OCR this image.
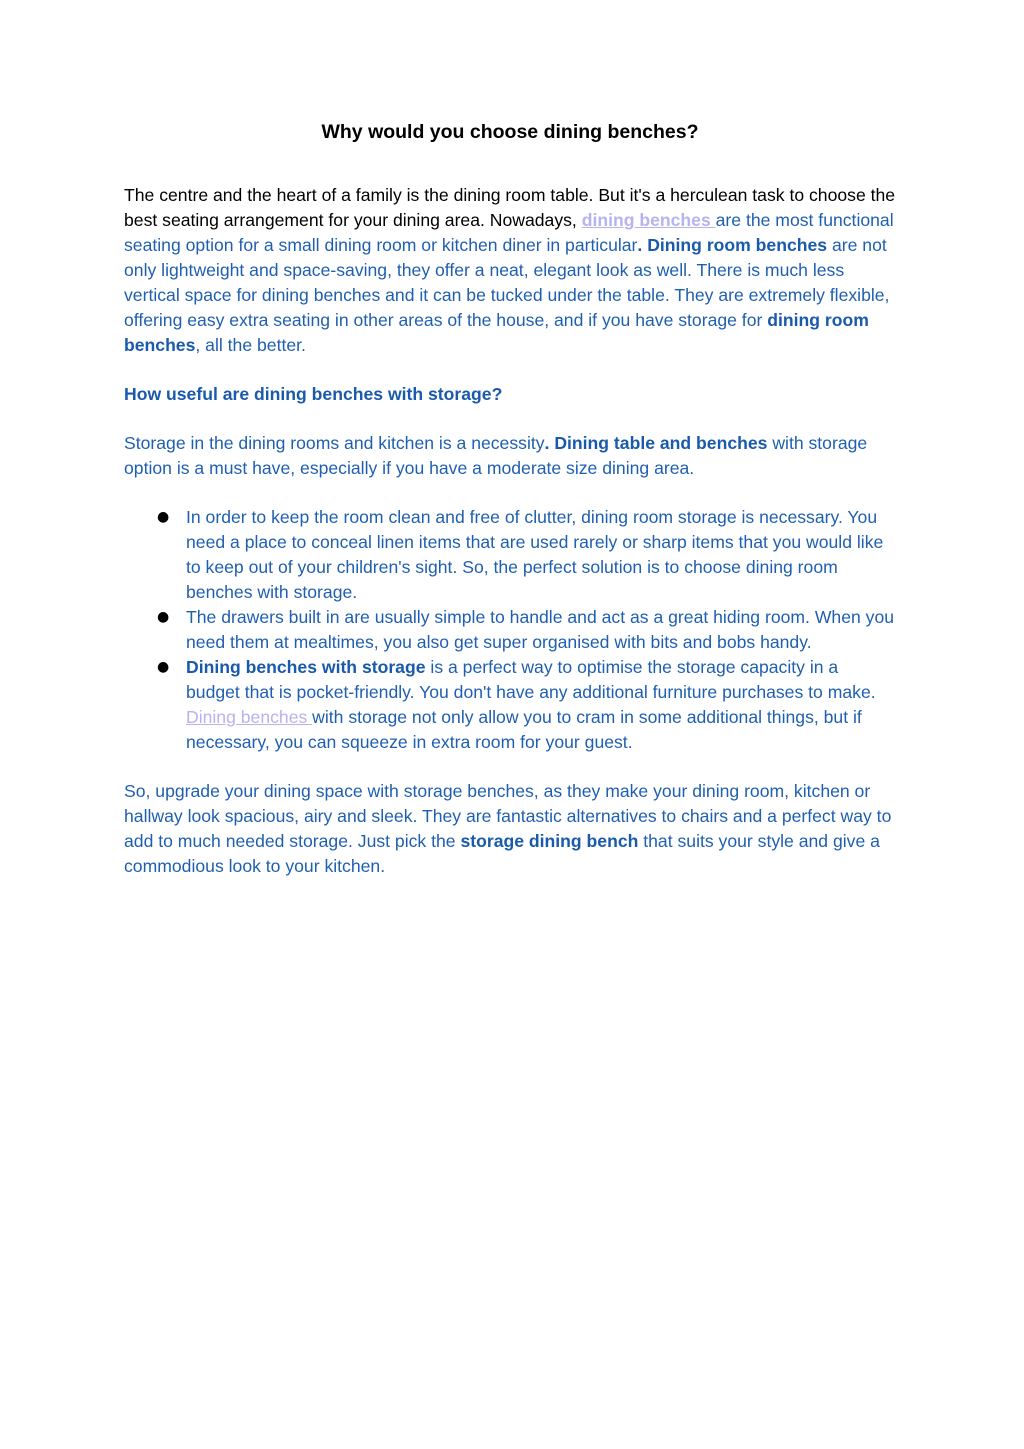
Why would you choose dining benches?

The centre and the heart of a family is the dining room table. But it's a herculean task to choose the best seating arrangement for your dining area. Nowadays, dining benches are the most functional seating option for a small dining room or kitchen diner in particular. Dining room benches are not only lightweight and space-saving, they offer a neat, elegant look as well. There is much less vertical space for dining benches and it can be tucked under the table. They are extremely flexible, offering easy extra seating in other areas of the house, and if you have storage for dining room benches, all the better.

How useful are dining benches with storage?

Storage in the dining rooms and kitchen is a necessity. Dining table and benches with storage option is a must have, especially if you have a moderate size dining area.

● In order to keep the room clean and free of clutter, dining room storage is necessary. You need a place to conceal linen items that are used rarely or sharp items that you would like to keep out of your children's sight. So, the perfect solution is to choose dining room benches with storage.
● The drawers built in are usually simple to handle and act as a great hiding room. When you need them at mealtimes, you also get super organised with bits and bobs handy.
● Dining benches with storage is a perfect way to optimise the storage capacity in a budget that is pocket-friendly. You don't have any additional furniture purchases to make. Dining benches with storage not only allow you to cram in some additional things, but if necessary, you can squeeze in extra room for your guest.

So, upgrade your dining space with storage benches, as they make your dining room, kitchen or hallway look spacious, airy and sleek. They are fantastic alternatives to chairs and a perfect way to add to much needed storage. Just pick the storage dining bench that suits your style and give a commodious look to your kitchen.
